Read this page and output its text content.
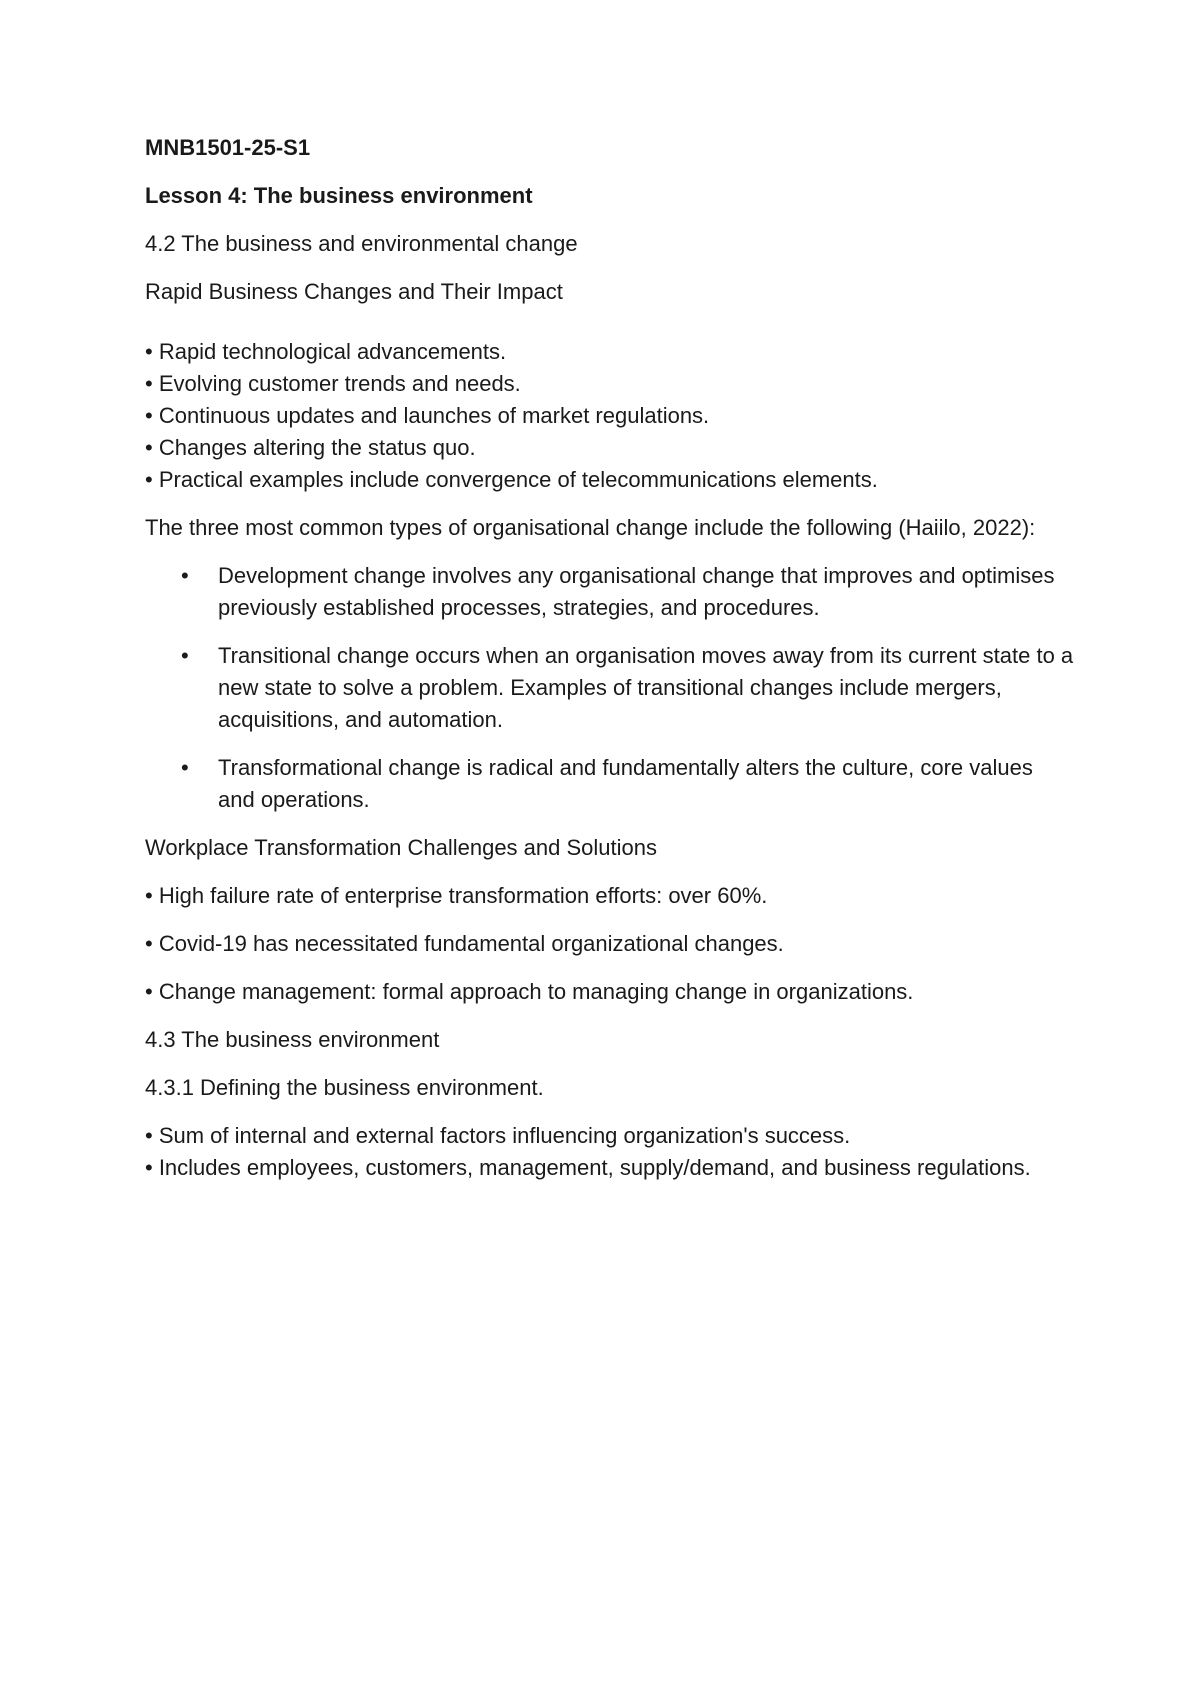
MNB1501-25-S1
Lesson 4: The business environment
4.2 The business and environmental change
Rapid Business Changes and Their Impact
• Rapid technological advancements.
• Evolving customer trends and needs.
• Continuous updates and launches of market regulations.
• Changes altering the status quo.
• Practical examples include convergence of telecommunications elements.
The three most common types of organisational change include the following (Haiilo, 2022):
• Development change involves any organisational change that improves and optimises previously established processes, strategies, and procedures.
• Transitional change occurs when an organisation moves away from its current state to a new state to solve a problem. Examples of transitional changes include mergers, acquisitions, and automation.
• Transformational change is radical and fundamentally alters the culture, core values and operations.
Workplace Transformation Challenges and Solutions
• High failure rate of enterprise transformation efforts: over 60%.
• Covid-19 has necessitated fundamental organizational changes.
• Change management: formal approach to managing change in organizations.
4.3 The business environment
4.3.1 Defining the business environment.
• Sum of internal and external factors influencing organization's success.
• Includes employees, customers, management, supply/demand, and business regulations.
